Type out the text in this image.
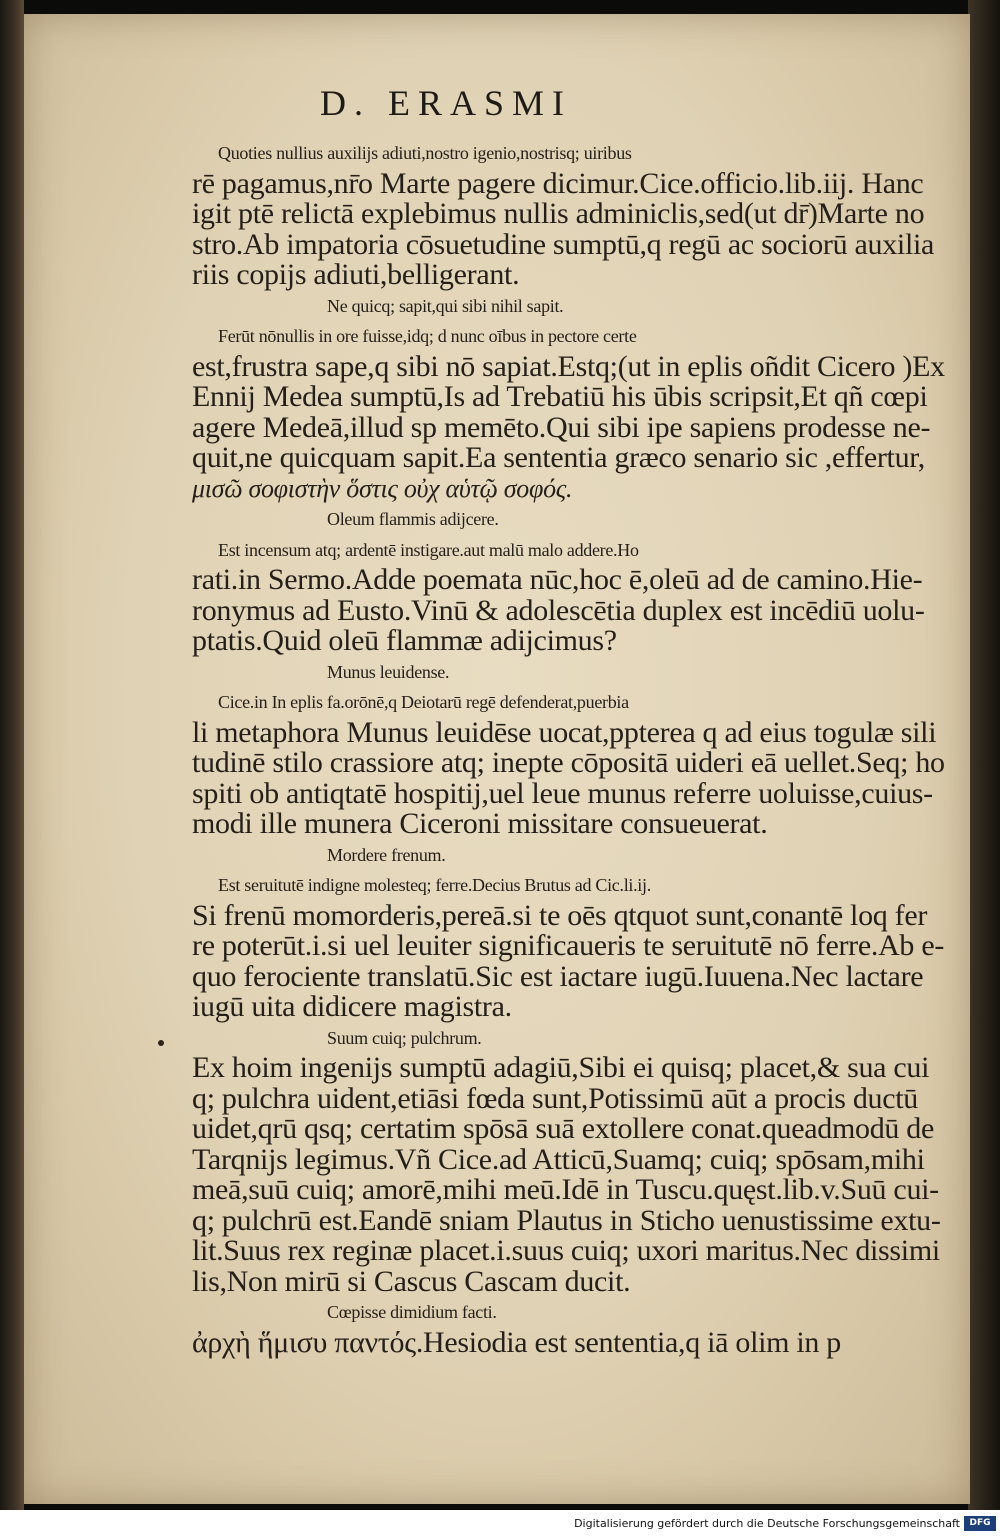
D. ERASMI
Quoties nullius auxilijs adiuti,nostro igenio,nostrisq; uiribus
rē pagamus,nr̄o Marte pagere dicimur.Cice.officio.lib.iij. Hanc
igit ptē relictā explebimus nullis adminiclis,sed(ut dr̄)Marte no
stro.Ab impatoria cōsuetudine sumptū,q regū ac sociorū auxilia
riis copijs adiuti,belligerant.
Ne quicq; sapit,qui sibi nihil sapit.
Ferūt nōnullis in ore fuisse,idq; d nunc oībus in pectore certe
est,frustra sape,q sibi nō sapiat.Estq;(ut in eplis oñdit Cicero )Ex
Ennij Medea sumptū,Is ad Trebatiū his ūbis scripsit,Et qñ cœpi
agere Medeā,illud sp memēto.Qui sibi ipe sapiens prodesse ne-
quit,ne quicquam sapit.Ea sententia græco senario sic ,effertur,
μισῶ σοφιστὴν ὅστις οὐχ αὑτῷ σοφός.
Oleum flammis adijcere.
Est incensum atq; ardentē instigare.aut malū malo addere.Ho
rati.in Sermo.Adde poemata nūc,hoc ē,oleū ad de camino.Hie-
ronymus ad Eusto.Vinū & adolescētia duplex est incēdiū uolu-
ptatis.Quid oleū flammæ adijcimus?
Munus leuidense.
Cice.in In eplis fa.orōnē,q Deiotarū regē defenderat,puerbia
li metaphora Munus leuidēse uocat,ppterea q ad eius togulæ sili
tudinē stilo crassiore atq; inepte cōpositā uideri eā uellet.Seq; ho
spiti ob antiqtatē hospitij,uel leue munus referre uoluisse,cuius-
modi ille munera Ciceroni missitare consueuerat.
Mordere frenum.
Est seruitutē indigne molesteq; ferre.Decius Brutus ad Cic.li.ij.
Si frenū momorderis,pereā.si te oēs qtquot sunt,conantē loq fer
re poterūt.i.si uel leuiter significaueris te seruitutē nō ferre.Ab e-
quo ferociente translatū.Sic est iactare iugū.Iuuena.Nec lactare
iugū uita didicere magistra.
Suum cuiq; pulchrum.
Ex hoim ingenijs sumptū adagiū,Sibi ei quisq; placet,& sua cui
q; pulchra uident,etiāsi fœda sunt,Potissimū aūt a procis ductū
uidet,qrū qsq; certatim spōsā suā extollere conat.queadmodū de
Tarqnijs legimus.Vñ Cice.ad Atticū,Suamq; cuiq; spōsam,mihi
meā,suū cuiq; amorē,mihi meū.Idē in Tuscu.quęst.lib.v.Suū cui-
q; pulchrū est.Eandē sniam Plautus in Sticho uenustissime extu-
lit.Suus rex reginæ placet.i.suus cuiq; uxori maritus.Nec dissimi
lis,Non mirū si Cascus Cascam ducit.
Cœpisse dimidium facti.
ἀρχὴ ἥμισυ παντός.Hesiodia est sententia,q iā olim in p
Digitalisierung gefördert durch die Deutsche Forschungsgemeinschaft	DFG
